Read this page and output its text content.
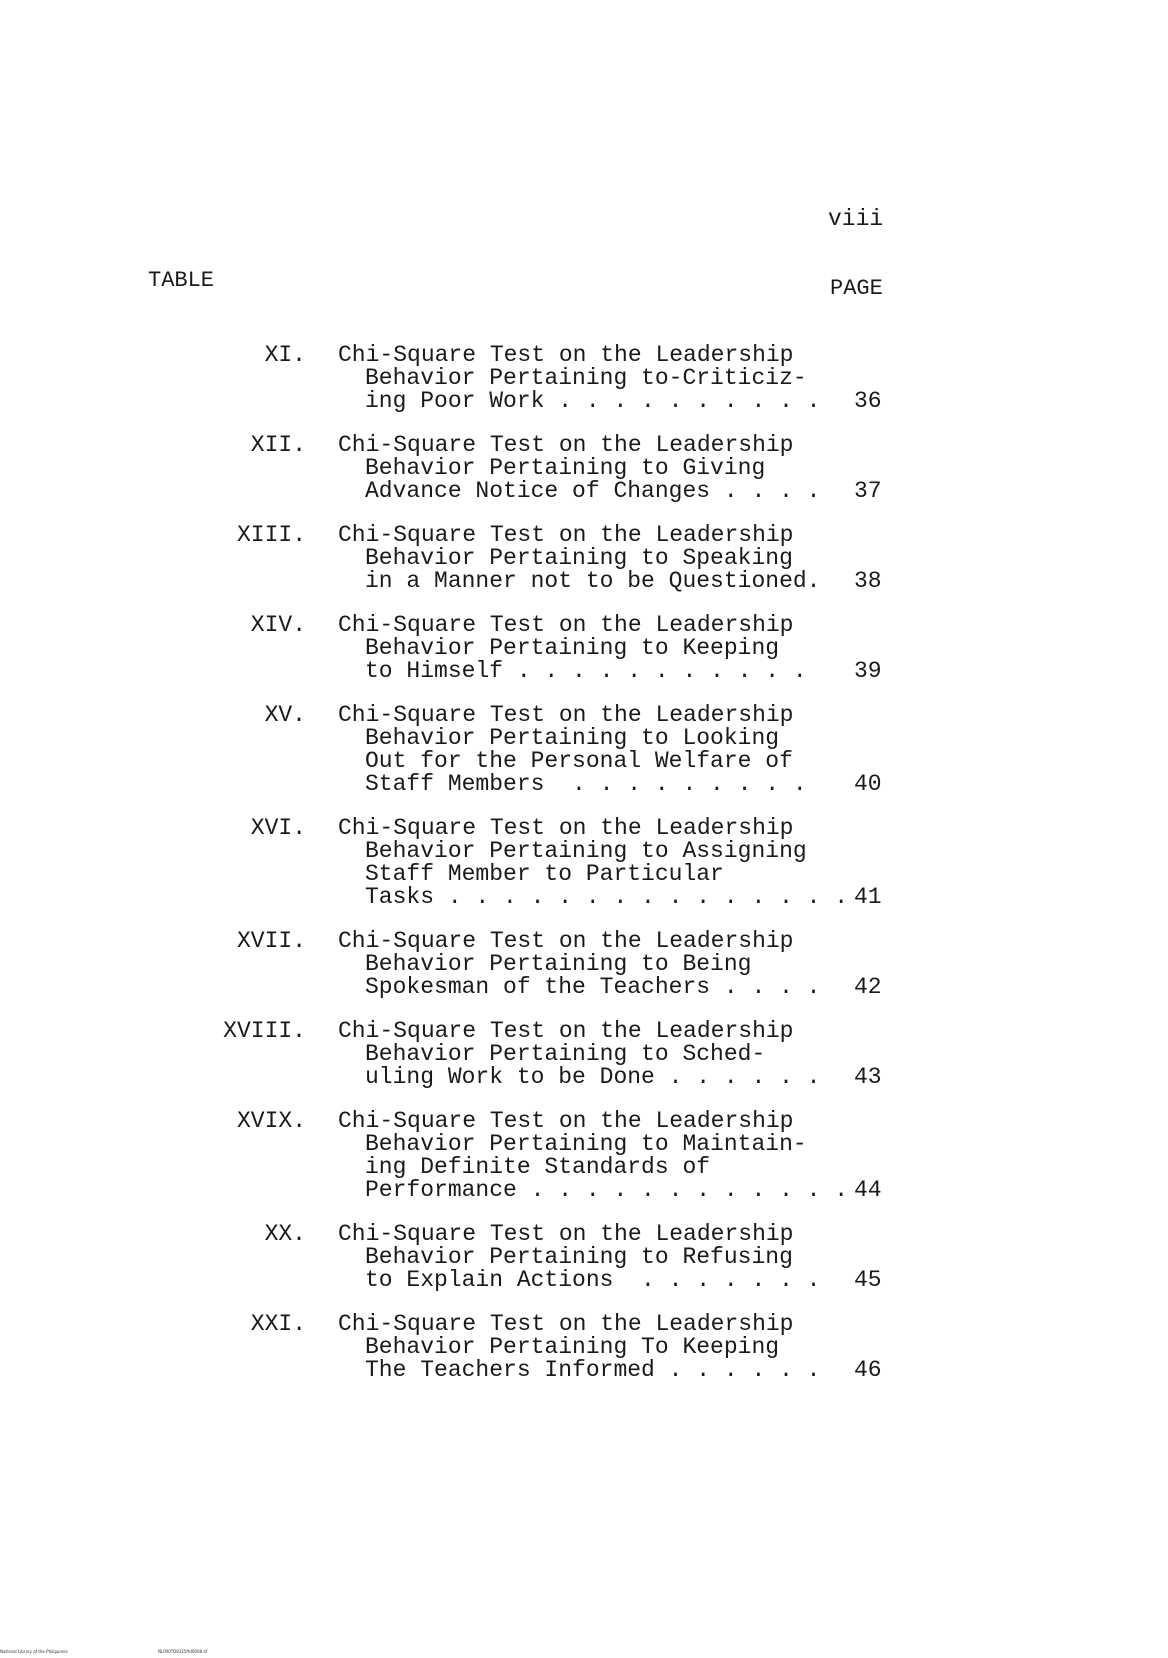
viii
TABLE	PAGE
XI. Chi-Square Test on the Leadership
Behavior Pertaining to-Criticiz-
ing Poor Work . . . . . . . . . . 36
XII. Chi-Square Test on the Leadership
Behavior Pertaining to Giving
Advance Notice of Changes . . . . 37
XIII. Chi-Square Test on the Leadership
Behavior Pertaining to Speaking
in a Manner not to be Questioned. 38
XIV. Chi-Square Test on the Leadership
Behavior Pertaining to Keeping
to Himself . . . . . . . . . . .	39
XV. Chi-Square Test on the Leadership
Behavior Pertaining to Looking
Out for the Personal Welfare of
Staff Members  . . . . . . . . .	40
XVI. Chi-Square Test on the Leadership
Behavior Pertaining to Assigning
Staff Member to Particular
Tasks . . . . . . . . . . . . . . . 41
XVII. Chi-Square Test on the Leadership
Behavior Pertaining to Being
Spokesman of the Teachers . . . . 42
XVIII. Chi-Square Test on the Leadership
Behavior Pertaining to Sched-
uling Work to be Done . . . . . . 43
XVIX. Chi-Square Test on the Leadership
Behavior Pertaining to Maintain-
ing Definite Standards of
Performance . . . . . . . . . . . . 44
XX. Chi-Square Test on the Leadership
Behavior Pertaining to Refusing
to Explain Actions  . . . . . . . 45
XXI. Chi-Square Test on the Leadership
Behavior Pertaining To Keeping
The Teachers Informed . . . . . . 46
National Library of the Philippines	NLP00TD8325ftd0008.tif
